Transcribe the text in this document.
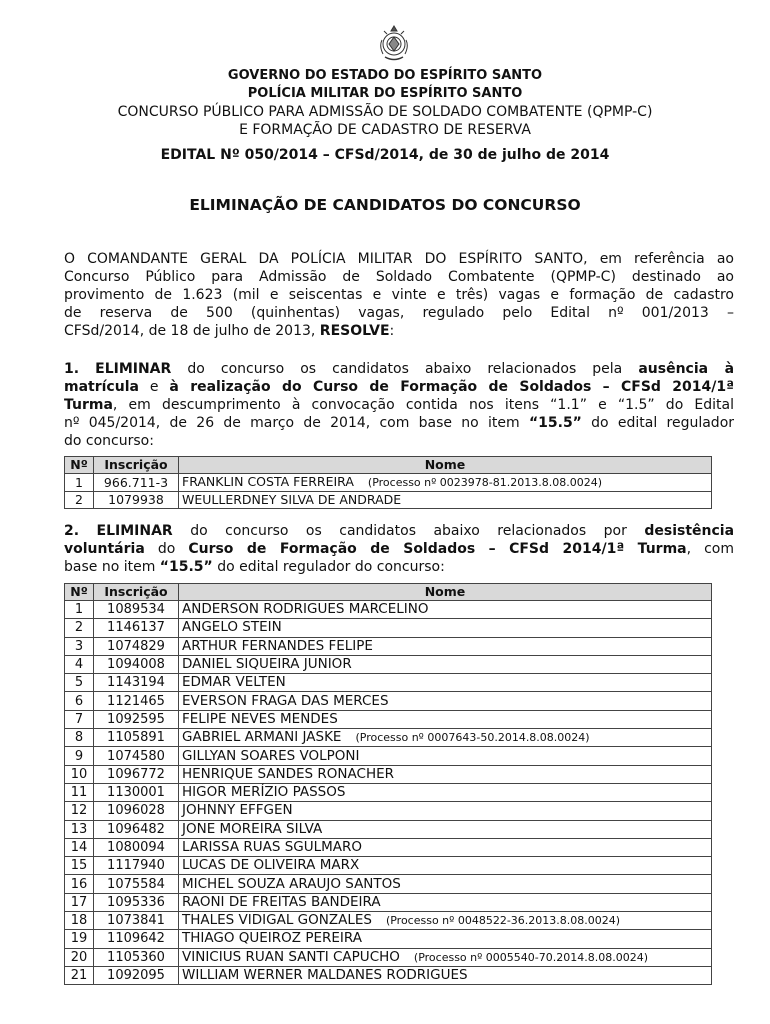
GOVERNO DO ESTADO DO ESPÍRITO SANTO
POLÍCIA MILITAR DO ESPÍRITO SANTO
CONCURSO PÚBLICO PARA ADMISSÃO DE SOLDADO COMBATENTE (QPMP-C)
E FORMAÇÃO DE CADASTRO DE RESERVA
EDITAL Nº 050/2014 – CFSd/2014, de 30 de julho de 2014
ELIMINAÇÃO DE CANDIDATOS DO CONCURSO
O COMANDANTE GERAL DA POLÍCIA MILITAR DO ESPÍRITO SANTO, em referência ao
Concurso Público para Admissão de Soldado Combatente (QPMP-C) destinado ao
provimento de 1.623 (mil e seiscentas e vinte e três) vagas e formação de cadastro
de reserva de 500 (quinhentas) vagas, regulado pelo Edital nº 001/2013 –
CFSd/2014, de 18 de julho de 2013, RESOLVE:
1. ELIMINAR do concurso os candidatos abaixo relacionados pela ausência à
matrícula e à realização do Curso de Formação de Soldados – CFSd 2014/1ª
Turma, em descumprimento à convocação contida nos itens “1.1” e “1.5” do Edital
nº 045/2014, de 26 de março de 2014, com base no item “15.5” do edital regulador
do concurso:
Nº	Inscrição	Nome
1	966.711-3	FRANKLIN COSTA FERREIRA (Processo nº 0023978-81.2013.8.08.0024)
2	1079938	WEULLERDNEY SILVA DE ANDRADE
2. ELIMINAR do concurso os candidatos abaixo relacionados por desistência
voluntária do Curso de Formação de Soldados – CFSd 2014/1ª Turma, com
base no item “15.5” do edital regulador do concurso:
Nº	Inscrição	Nome
1	1089534	ANDERSON RODRIGUES MARCELINO
2	1146137	ANGELO STEIN
3	1074829	ARTHUR FERNANDES FELIPE
4	1094008	DANIEL SIQUEIRA JUNIOR
5	1143194	EDMAR VELTEN
6	1121465	EVERSON FRAGA DAS MERCES
7	1092595	FELIPE NEVES MENDES
8	1105891	GABRIEL ARMANI JASKE (Processo nº 0007643-50.2014.8.08.0024)
9	1074580	GILLYAN SOARES VOLPONI
10	1096772	HENRIQUE SANDES RONACHER
11	1130001	HIGOR MERÍZIO PASSOS
12	1096028	JOHNNY EFFGEN
13	1096482	JONE MOREIRA SILVA
14	1080094	LARISSA RUAS SGULMARO
15	1117940	LUCAS DE OLIVEIRA MARX
16	1075584	MICHEL SOUZA ARAUJO SANTOS
17	1095336	RAONI DE FREITAS BANDEIRA
18	1073841	THALES VIDIGAL GONZALES (Processo nº 0048522-36.2013.8.08.0024)
19	1109642	THIAGO QUEIROZ PEREIRA
20	1105360	VINICIUS RUAN SANTI CAPUCHO (Processo nº 0005540-70.2014.8.08.0024)
21	1092095	WILLIAM WERNER MALDANES RODRIGUES
